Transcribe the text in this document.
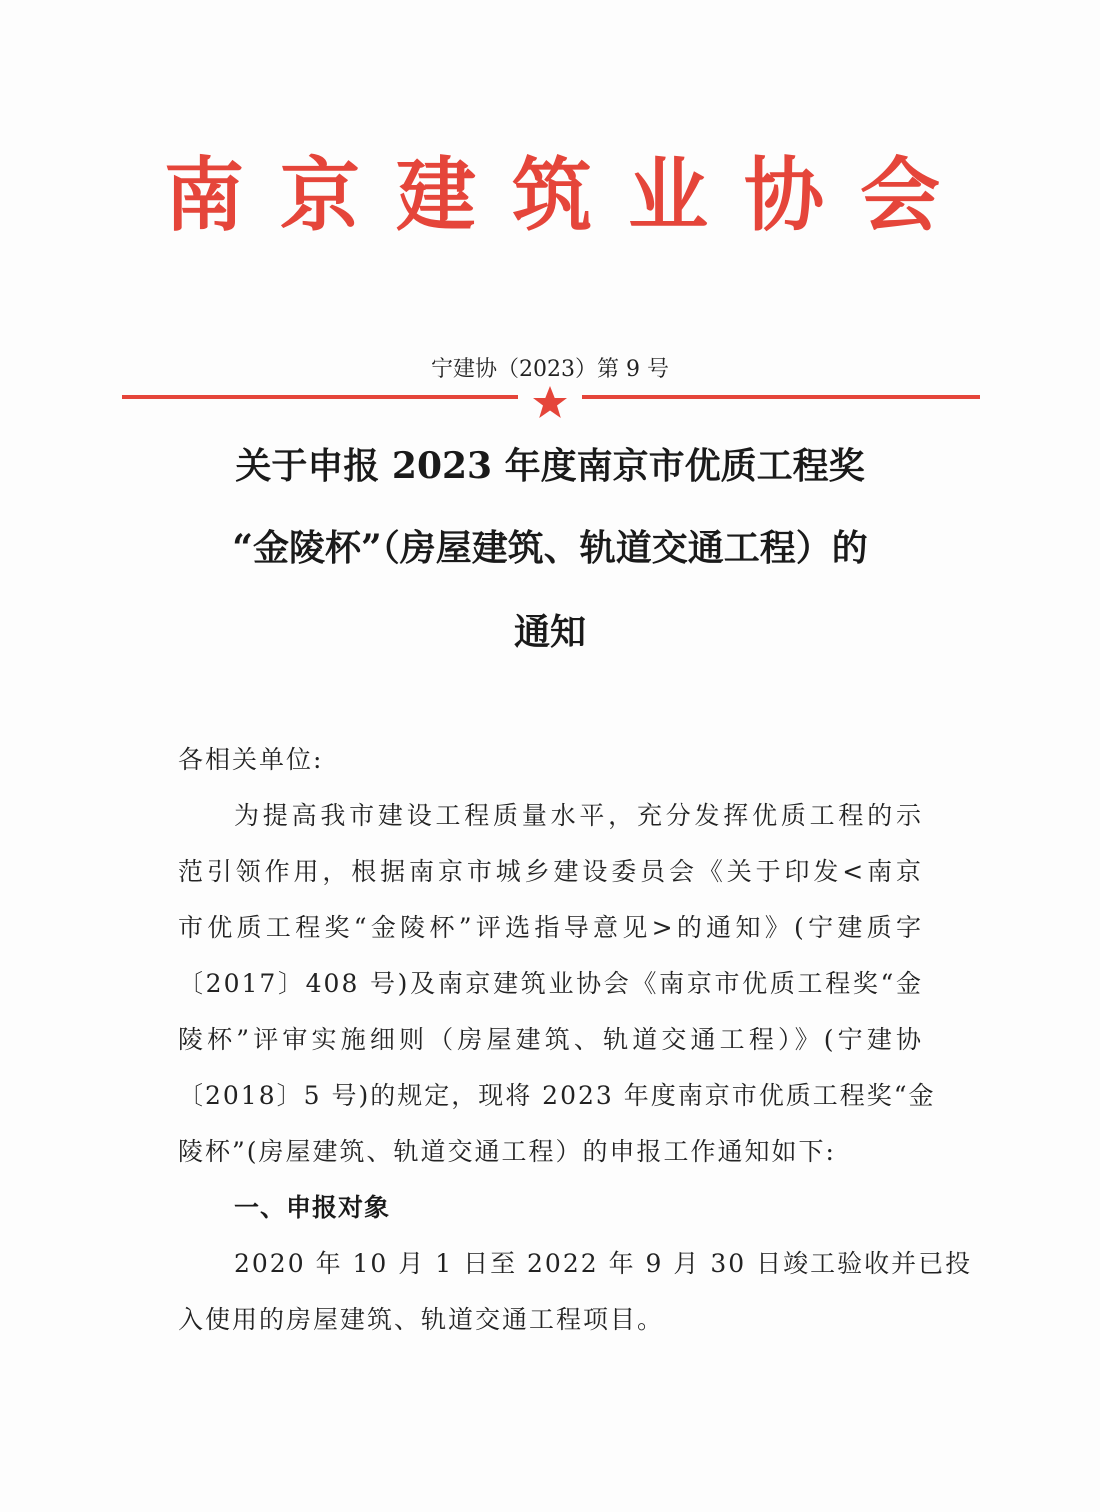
南京建筑业协会
宁建协（2023）第 9 号
关于申报 2023 年度南京市优质工程奖
“金陵杯”（房屋建筑、轨道交通工程）的
通知
各相关单位:
为提高我市建设工程质量水平，充分发挥优质工程的示
范引领作用，根据南京市城乡建设委员会《关于印发<南京
市优质工程奖“金陵杯”评选指导意见>的通知》(宁建质字
〔2017〕408 号)及南京建筑业协会《南京市优质工程奖“金
陵杯”评审实施细则（房屋建筑、轨道交通工程）》(宁建协
〔2018〕5 号)的规定，现将 2023 年度南京市优质工程奖“金
陵杯”(房屋建筑、轨道交通工程）的申报工作通知如下:
一、申报对象
2020 年 10 月 1 日至 2022 年 9 月 30 日竣工验收并已投
入使用的房屋建筑、轨道交通工程项目。
